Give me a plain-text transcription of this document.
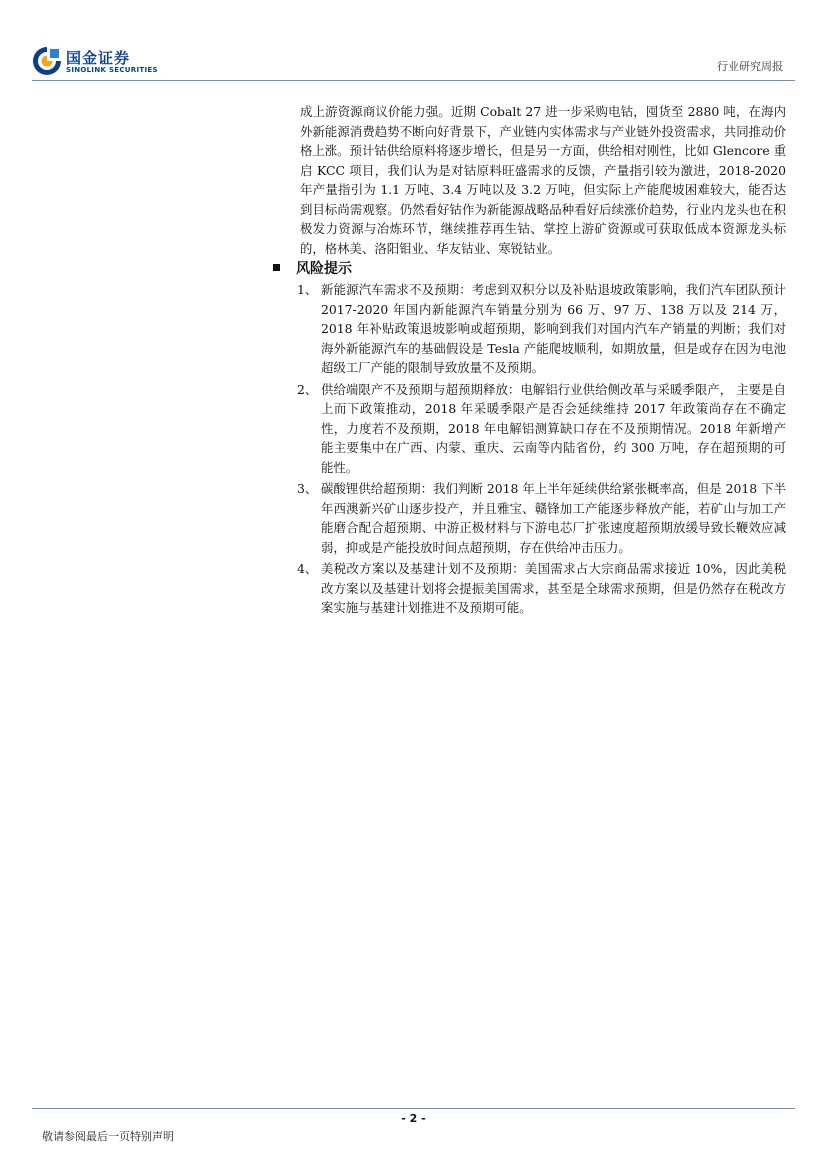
国金证券
SINOLINK SECURITIES	行业研究周报

成上游资源商议价能力强。近期 Cobalt 27 进一步采购电钴，囤货至 2880 吨，在海内外新能源消费趋势不断向好背景下，产业链内实体需求与产业链外投资需求，共同推动价格上涨。预计钴供给原料将逐步增长，但是另一方面，供给相对刚性，比如 Glencore 重启 KCC 项目，我们认为是对钴原料旺盛需求的反馈，产量指引较为激进，2018-2020 年产量指引为 1.1 万吨、3.4 万吨以及 3.2 万吨，但实际上产能爬坡困难较大，能否达到目标尚需观察。仍然看好钴作为新能源战略品种看好后续涨价趋势，行业内龙头也在积极发力资源与冶炼环节，继续推荐再生钴、掌控上游矿资源或可获取低成本资源龙头标的，格林美、洛阳钼业、华友钴业、寒锐钴业。

风险提示

1、 新能源汽车需求不及预期：考虑到双积分以及补贴退坡政策影响，我们汽车团队预计 2017-2020 年国内新能源汽车销量分别为 66 万、97 万、138 万以及 214 万，2018 年补贴政策退坡影响或超预期，影响到我们对国内汽车产销量的判断；我们对海外新能源汽车的基础假设是 Tesla 产能爬坡顺利，如期放量，但是或存在因为电池超级工厂产能的限制导致放量不及预期。

2、 供给端限产不及预期与超预期释放：电解铝行业供给侧改革与采暖季限产， 主要是自上而下政策推动，2018 年采暖季限产是否会延续维持 2017 年政策尚存在不确定性，力度若不及预期，2018 年电解铝测算缺口存在不及预期情况。2018 年新增产能主要集中在广西、内蒙、重庆、云南等内陆省份，约 300 万吨，存在超预期的可能性。

3、 碳酸锂供给超预期：我们判断 2018 年上半年延续供给紧张概率高，但是 2018 下半年西澳新兴矿山逐步投产，并且雅宝、赣锋加工产能逐步释放产能，若矿山与加工产能磨合配合超预期、中游正极材料与下游电芯厂扩张速度超预期放缓导致长鞭效应减弱，抑或是产能投放时间点超预期，存在供给冲击压力。

4、 美税改方案以及基建计划不及预期：美国需求占大宗商品需求接近 10%，因此美税改方案以及基建计划将会提振美国需求，甚至是全球需求预期，但是仍然存在税改方案实施与基建计划推进不及预期可能。

- 2 -
敬请参阅最后一页特别声明
